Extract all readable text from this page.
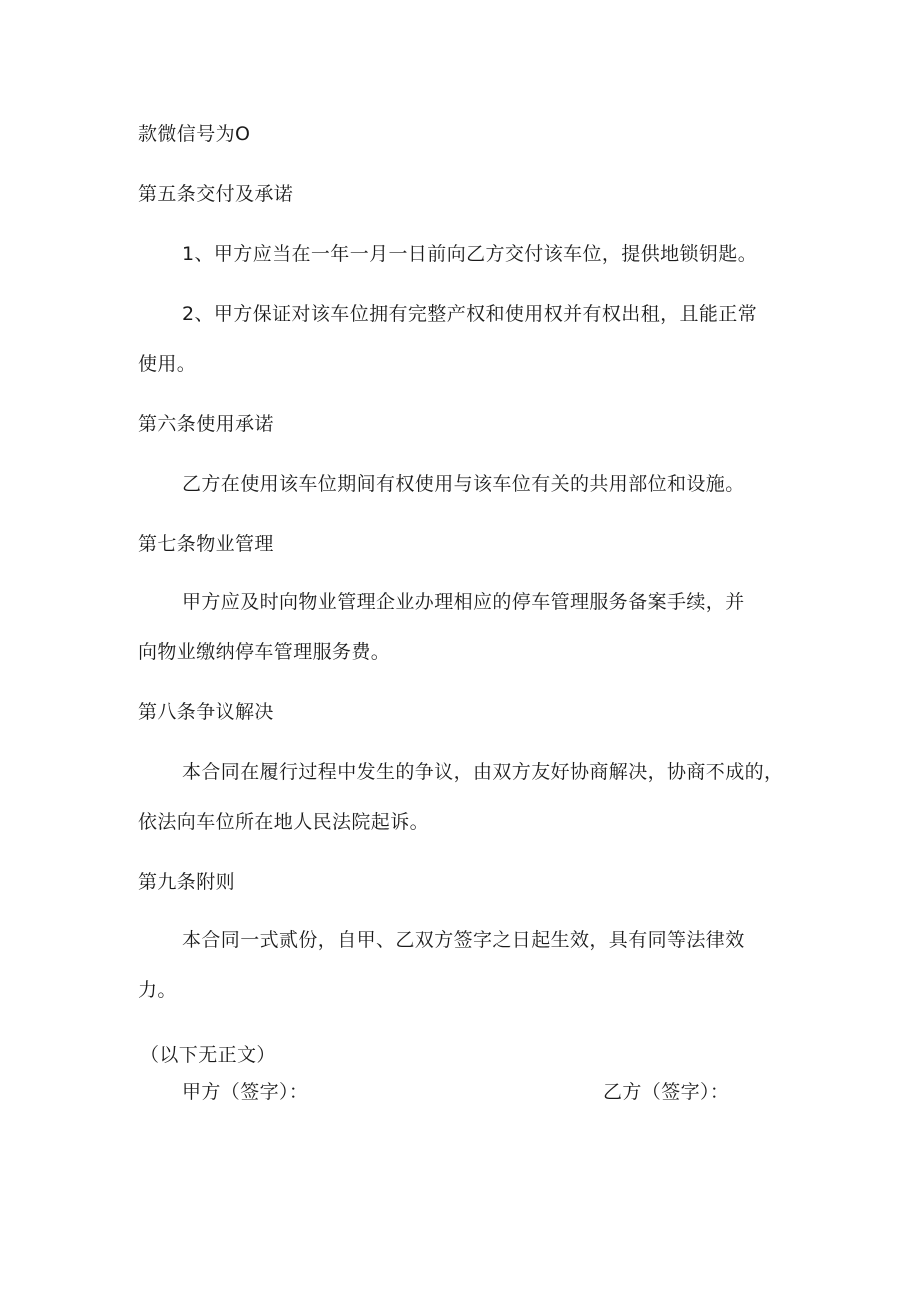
款微信号为O

第五条交付及承诺

1、甲方应当在一年一月一日前向乙方交付该车位，提供地锁钥匙。

2、甲方保证对该车位拥有完整产权和使用权并有权出租，且能正常

使用。

第六条使用承诺

乙方在使用该车位期间有权使用与该车位有关的共用部位和设施。

第七条物业管理

甲方应及时向物业管理企业办理相应的停车管理服务备案手续，并

向物业缴纳停车管理服务费。

第八条争议解决

本合同在履行过程中发生的争议，由双方友好协商解决，协商不成的，

依法向车位所在地人民法院起诉。

第九条附则

本合同一式贰份，自甲、乙双方签字之日起生效，具有同等法律效

力。

（以下无正文）

甲方（签字）：	乙方（签字）：
